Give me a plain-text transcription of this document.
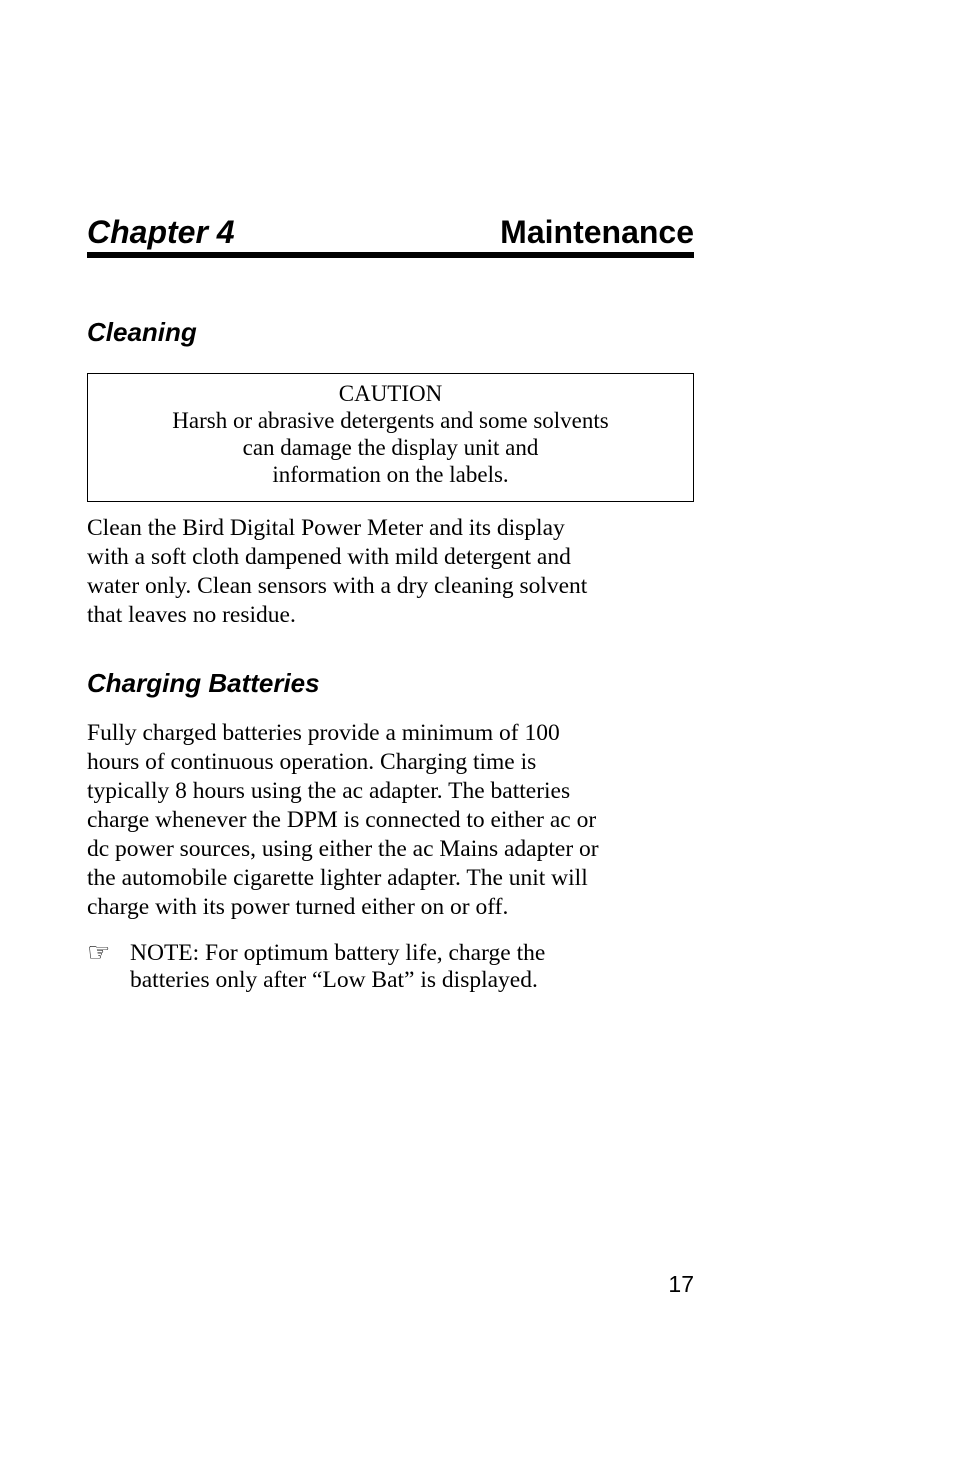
Chapter 4	Maintenance
Cleaning
CAUTION
Harsh or abrasive detergents and some solvents
can damage the display unit and
information on the labels.
Clean the Bird Digital Power Meter and its display
with a soft cloth dampened with mild detergent and
water only. Clean sensors with a dry cleaning solvent
that leaves no residue.
Charging Batteries
Fully charged batteries provide a minimum of 100
hours of continuous operation. Charging time is
typically 8 hours using the ac adapter. The batteries
charge whenever the DPM is connected to either ac or
dc power sources, using either the ac Mains adapter or
the automobile cigarette lighter adapter. The unit will
charge with its power turned either on or off.
☞ NOTE: For optimum battery life, charge the
batteries only after “Low Bat” is displayed.
17
